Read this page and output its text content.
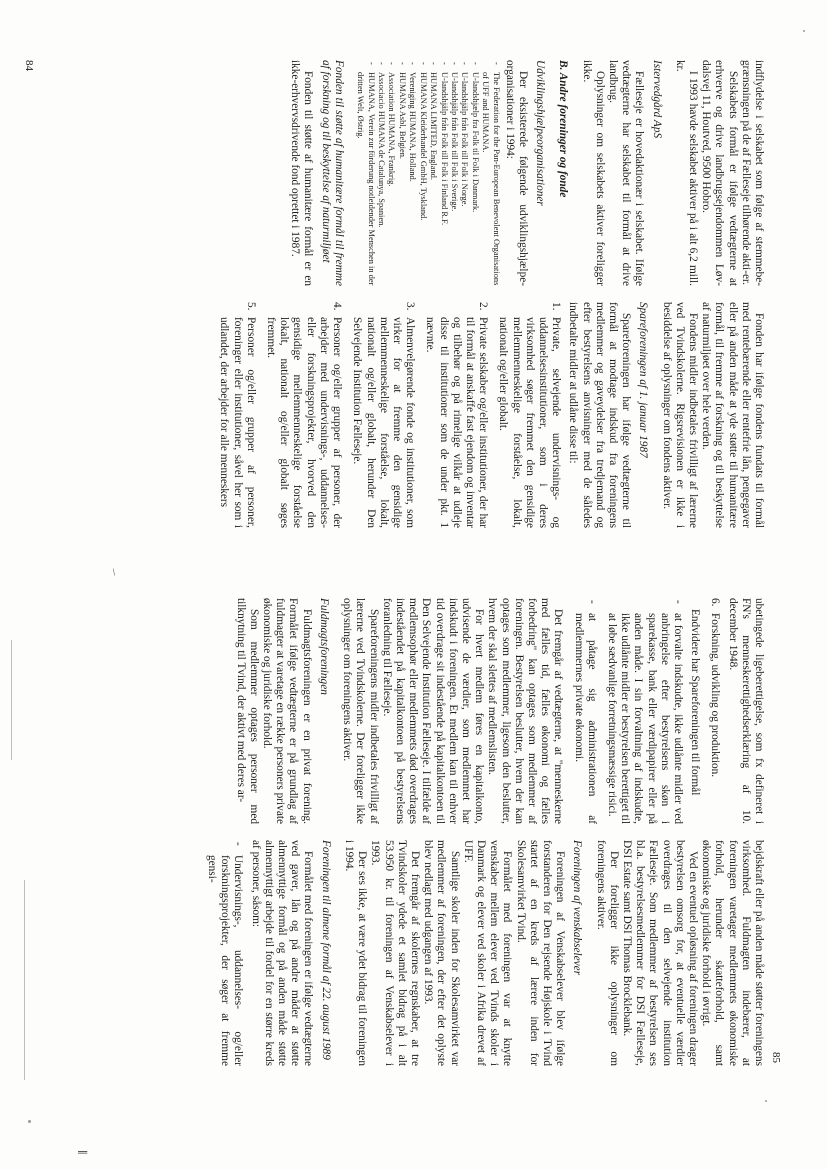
indflydelse i selskabet som følge af stemmebe-grænsningen på de af Fælleseje tilhørende akti-er.

Selskabets formål er ifølge vedtægterne at erhverve og drive landbrugsejendommen Løv-dalsvej 11, Houtved, 9500 Hobro.

I 1993 havde selskabet aktiver på i alt 6,2 mill. kr.

Istervedgård ApS

Fælleseje er hovedaktionær i selskabet. Ifølge vedtægterne har selskabet til formål at drive landbrug.

Oplysninger om selskabets aktiver foreligger ikke.

B. Andre foreninger og fonde
Udviklingshjælpeorganisationer

Der eksisterede følgende udviklingshjælpe-organisationer i 1994:

- The Federation for the Pan-European Benevolent Organisations of UFF and HUMANA.
- U-landshjælp fra Folk til Folk i Danmark.
- U-landshjälp från Folk till Folk i Norge.
- U-landshjälp från Folk till Folk i Sverige.
- U-landshjälp från Folk till Folk i Finland R.F.
- HUMANA LIMITED, England.
- HUMANA Kleiderhandel GmbH, Tyskland.
- Vereniging HUMANA, Holland.
- HUMANA Asbl, Belgien.
- Association HUMANA, Frankrig.
- Associacio HUMANA de Catalunya, Spanien.
- HUMANA, Verein zur förderung notleidender Menschen in der dritten Welt, Østrig.
Fonden til støtte af humanitære formål til fremme af forskning og til beskyttelse af naturmiljøet

Fonden til støtte af humanitære formål er en ikke-erhvervsdrivende fond oprettet i 1987.

Fonden har ifølge fondens fundats til formål med rentebærende eller rentefrie lån, pengegaver eller på anden måde at yde støtte til humanitære formål, til fremme af forskning og til beskyttelse af naturmiljøet over hele verden.

Fondens midler indbetales frivilligt af lærerne ved Tvindskolerne. Rigsrevisionen er ikke i besiddelse af oplysninger om fondens aktiver.

Spareforeningen af 1. januar 1987

Spareforeningen har ifølge vedtægterne til formål at modtage indskud fra foreningens medlemmer og gaveydelser fra tredjemand og efter bestyrelsens anvisninger med de således indbetalte midler at udlåne disse til:

1.
Private, selvejende undervisnings- og uddannelsesinstitutioner, som i deres virksomhed søger fremmet den gensidige mellemmenneskelige forståelse, lokalt, nationalt og/eller globalt.
2.
Private selskaber og/eller institutioner, der har til formål at anskaffe fast ejendom og inventar og tilbehør og på rimelige vilkår at udleje disse til institutioner som de under pkt. 1 nævnte.
3.
Almenvelgørende fonde og institutioner, som virker for at fremme den gensidige mellemmenneskelige forståelse, lokalt, nationalt og/eller globalt, herunder Den Selvejende Institution Fælleseje.
4.
Personer og/eller grupper af personer, der arbejder med undervisnings-, uddannelses- eller forskningsprojekter, hvorved den gensidige mellemmenneskelige forståelse lokalt, nationalt og/eller globalt søges fremmet.
5.
Personer og/eller grupper af personer, foreninger eller institutioner, såvel her som i udlandet, der arbejder for alle menneskers

ubetingede ligeberettigelse, som fx defineret i FN's menneskerettighedserklæring af 10. december 1948.

6.
Forskning, udvikling og produktion.

Endvidere har Spareforeningen til formål

- at forvalte indskudte, ikke udlånte midler ved anbringelse efter bestyrelsens skøn i sparekasse, bank eller værdipapirer eller på anden måde. I sin forvaltning af indskudte, ikke udlånte midler er bestyrelsen berettiget til at løbe sædvanlige forretningsmæssige risici.
- at påtage sig administrationen af medlemmernes private økonomi.

Det fremgår af vedtægterne, at "menneskerne med fælles tid, fælles økonomi og fælles forbedring" kan optages som medlemmer af foreningen. Bestyrelsen beslutter, hvem der kan optages som medlemmer, ligesom den beslutter, hvem der skal slettes af medlemslisten.

For hvert medlem føres en kapitalkonto, udvisende de værdier, som medlemmet har indskudt i foreningen. Et medlem kan til enhver tid overdrage sit indestående på kapitalkontoen til Den Selvejende Institution Fælleseje. I tilfælde af medlemsophør eller medlemmets død overdrages indeståendet på kapitalkontoen på bestyrelsens foranledning til Fælleseje.

Spareforeningens midler indbetales frivilligt af lærerne ved Tvindskolerne. Der foreligger ikke oplysninger om foreningens aktiver.

Fuldmagtsforeningen

Fuldmagtsforeningen er en privat forening. Formålet ifølge vedtægterne er på grundlag af fuldmagter at varetage en række personers private økonomiske og juridiske forhold.

Som medlemmer optages personer med tilknytning til Tvind, der aktivt med deres ar-

bejdskraft eller på anden måde støtter foreningens virksomhed. Fuldmagten indebærer, at foreningen varetager medlemmets økonomiske forhold, herunder skatteforhold, samt økonomiske og juridiske forhold i øvrigt.

Ved en eventuel opløsning af foreningen drager bestyrelsen omsorg for, at eventuelle værdier overdrages til den selvejende institution Fælleseje. Som medlemmer af bestyrelsen ses bl.a. bestyrelsesmedlemmer for DSI Fælleseje, DSI Estate samt DSI Thomas Brocklebank.

Der foreligger ikke oplysninger om foreningens aktiver.

Foreningen af venskabselever

Foreningen af Venskabselever blev ifølge forstanderen for Den rejsende Højskole i Tvind startet af en kreds af lærere inden for Skolesamvirket Tvind.

Formålet med foreningen var at knytte venskaber mellem elever ved Tvinds skoler i Danmark og elever ved skoler i Afrika drevet af UFF.

Samtlige skoler inden for Skolesamvirket var medlemmer af foreningen, der efter det oplyste blev nedlagt med udgangen af 1993.

Det fremgår af skolernes regnskaber, at tre Tvindskoler ydede et samlet bidrag på i alt 53.950 kr. til foreningen af Venskabselever i 1993.

Der ses ikke, at være ydet bidrag til foreningen i 1994.

Foreningen til almene formål af 22. august 1989

Formålet med foreningen er ifølge vedtægterne ved gaver, lån og på andre måder at støtte almennyttige formål og på anden måde støtte almennyttigt arbejde til fordel for en større kreds af personer, såsom:

- Undervisnings-, uddannelses- og/eller forskningsprojekter, der søger at fremme gensi-
84
85
/
∥
